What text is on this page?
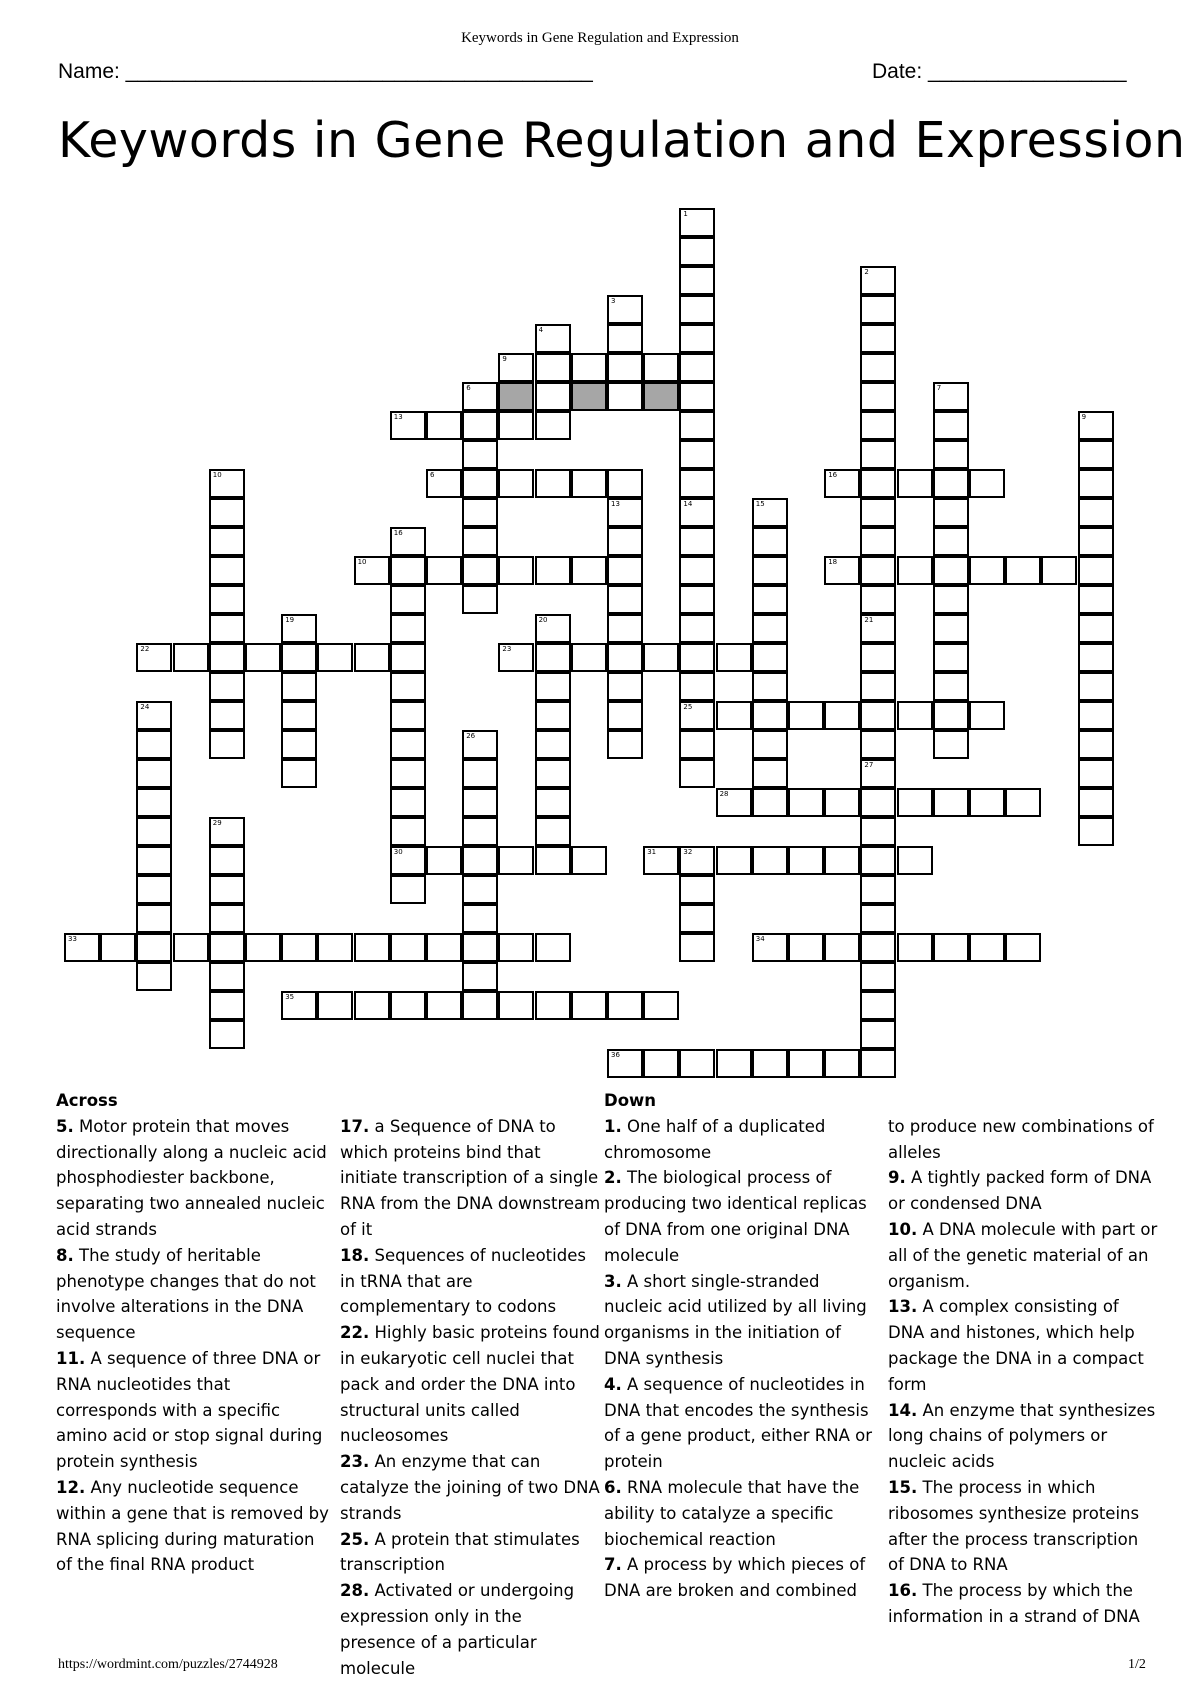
Keywords in Gene Regulation and Expression
Name: ________________________________________	Date: _________________
Keywords in Gene Regulation and Expression
9
6
13
6	16
10	18
22	23
25
28
30	31	32
33	34
35
36
1
2
21
3
4
7
9
10
13	14	15
16
19	20
24
26
27
29

Across

5. Motor protein that moves directionally along a nucleic acid phosphodiester backbone, separating two annealed nucleic acid strands

8. The study of heritable phenotype changes that do not involve alterations in the DNA sequence

11. A sequence of three DNA or RNA nucleotides that corresponds with a specific amino acid or stop signal during protein synthesis

12. Any nucleotide sequence within a gene that is removed by RNA splicing during maturation of the final RNA product

17. a Sequence of DNA to which proteins bind that initiate transcription of a single RNA from the DNA downstream of it

18. Sequences of nucleotides in tRNA that are complementary to codons

22. Highly basic proteins found in eukaryotic cell nuclei that pack and order the DNA into structural units called nucleosomes

23. An enzyme that can catalyze the joining of two DNA strands

25. A protein that stimulates transcription

28. Activated or undergoing expression only in the presence of a particular molecule

Down

1. One half of a duplicated chromosome

2. The biological process of producing two identical replicas of DNA from one original DNA molecule

3. A short single-stranded nucleic acid utilized by all living organisms in the initiation of DNA synthesis

4. A sequence of nucleotides in DNA that encodes the synthesis of a gene product, either RNA or protein

6. RNA molecule that have the ability to catalyze a specific biochemical reaction

7. A process by which pieces of DNA are broken and combined

to produce new combinations of alleles

9. A tightly packed form of DNA or condensed DNA

10. A DNA molecule with part or all of the genetic material of an organism.

13. A complex consisting of DNA and histones, which help package the DNA in a compact form

14. An enzyme that synthesizes long chains of polymers or nucleic acids

15. The process in which ribosomes synthesize proteins after the process transcription of DNA to RNA

16. The process by which the information in a strand of DNA

https://wordmint.com/puzzles/2744928	1/2
